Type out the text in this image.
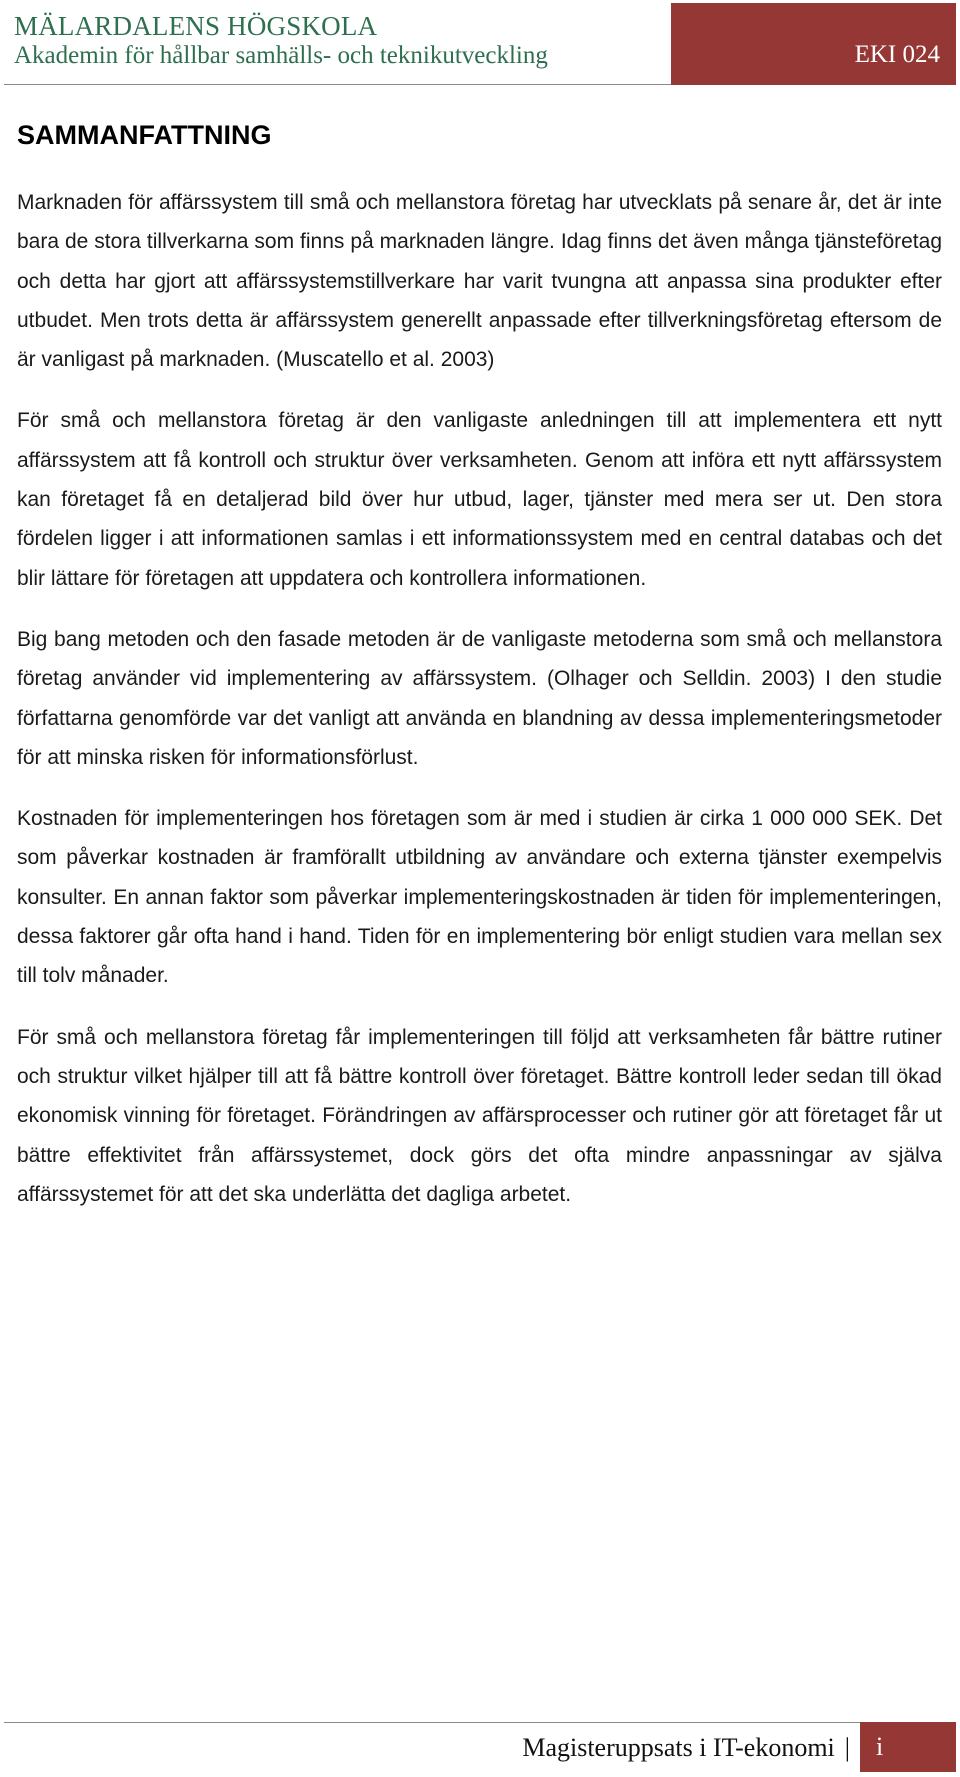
MÄLARDALENS HÖGSKOLA
Akademin för hållbar samhälls- och teknikutveckling	EKI 024
SAMMANFATTNING

Marknaden för affärssystem till små och mellanstora företag har utvecklats på senare år, det är inte bara de stora tillverkarna som finns på marknaden längre. Idag finns det även många tjänsteföretag och detta har gjort att affärssystemstillverkare har varit tvungna att anpassa sina produkter efter utbudet. Men trots detta är affärssystem generellt anpassade efter tillverkningsföretag eftersom de är vanligast på marknaden. (Muscatello et al. 2003)

För små och mellanstora företag är den vanligaste anledningen till att implementera ett nytt affärssystem att få kontroll och struktur över verksamheten. Genom att införa ett nytt affärssystem kan företaget få en detaljerad bild över hur utbud, lager, tjänster med mera ser ut. Den stora fördelen ligger i att informationen samlas i ett informationssystem med en central databas och det blir lättare för företagen att uppdatera och kontrollera informationen.

Big bang metoden och den fasade metoden är de vanligaste metoderna som små och mellanstora företag använder vid implementering av affärssystem. (Olhager och Selldin. 2003) I den studie författarna genomförde var det vanligt att använda en blandning av dessa implementeringsmetoder för att minska risken för informationsförlust.

Kostnaden för implementeringen hos företagen som är med i studien är cirka 1 000 000 SEK. Det som påverkar kostnaden är framförallt utbildning av användare och externa tjänster exempelvis konsulter. En annan faktor som påverkar implementeringskostnaden är tiden för implementeringen, dessa faktorer går ofta hand i hand. Tiden för en implementering bör enligt studien vara mellan sex till tolv månader.

För små och mellanstora företag får implementeringen till följd att verksamheten får bättre rutiner och struktur vilket hjälper till att få bättre kontroll över företaget. Bättre kontroll leder sedan till ökad ekonomisk vinning för företaget. Förändringen av affärsprocesser och rutiner gör att företaget får ut bättre effektivitet från affärssystemet, dock görs det ofta mindre anpassningar av själva affärssystemet för att det ska underlätta det dagliga arbetet.

Magisteruppsats i IT-ekonomi | i
